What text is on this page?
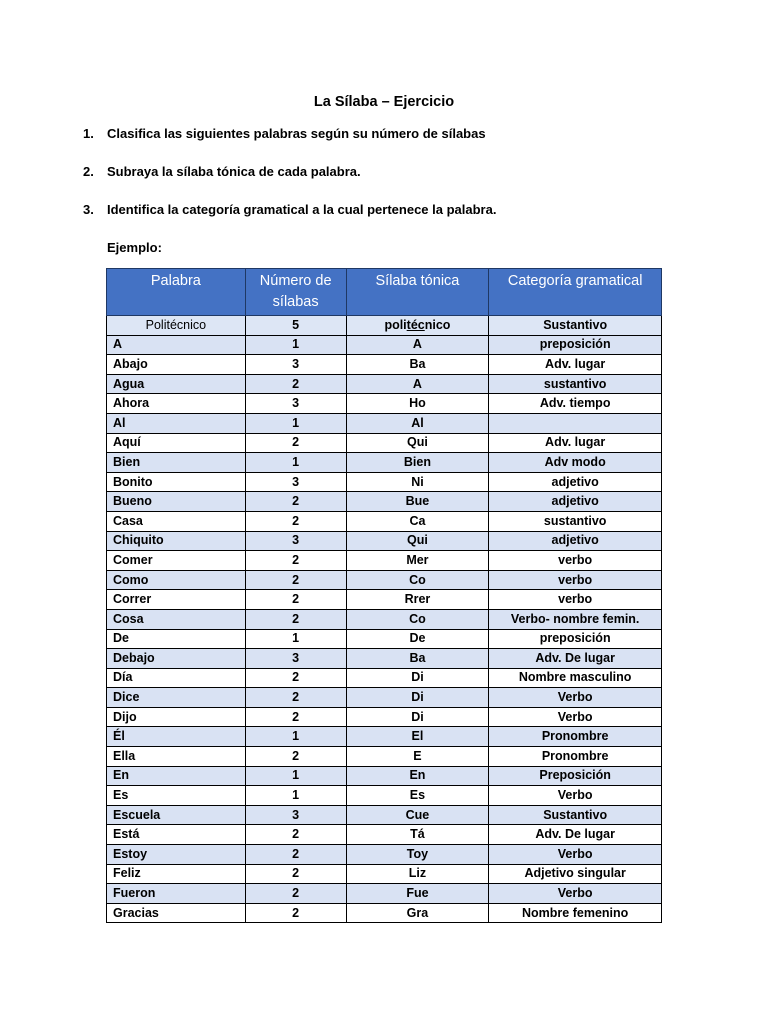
La Sílaba – Ejercicio
1. Clasifica las siguientes palabras según su número de sílabas
2. Subraya la sílaba tónica de cada palabra.
3. Identifica la categoría gramatical a la cual pertenece la palabra.
Ejemplo:
Palabra	Número de sílabas	Sílaba tónica	Categoría gramatical
Politécnico	5	politécnico	Sustantivo
A	1	A	preposición
Abajo	3	Ba	Adv. lugar
Agua	2	A	sustantivo
Ahora	3	Ho	Adv. tiempo
Al	1	Al	
Aquí	2	Qui	Adv. lugar
Bien	1	Bien	Adv modo
Bonito	3	Ni	adjetivo
Bueno	2	Bue	adjetivo
Casa	2	Ca	sustantivo
Chiquito	3	Qui	adjetivo
Comer	2	Mer	verbo
Como	2	Co	verbo
Correr	2	Rrer	verbo
Cosa	2	Co	Verbo- nombre femin.
De	1	De	preposición
Debajo	3	Ba	Adv. De lugar
Día	2	Di	Nombre masculino
Dice	2	Di	Verbo
Dijo	2	Di	Verbo
Él	1	El	Pronombre
Ella	2	E	Pronombre
En	1	En	Preposición
Es	1	Es	Verbo
Escuela	3	Cue	Sustantivo
Está	2	Tá	Adv. De lugar
Estoy	2	Toy	Verbo
Feliz	2	Liz	Adjetivo singular
Fueron	2	Fue	Verbo
Gracias	2	Gra	Nombre femenino
